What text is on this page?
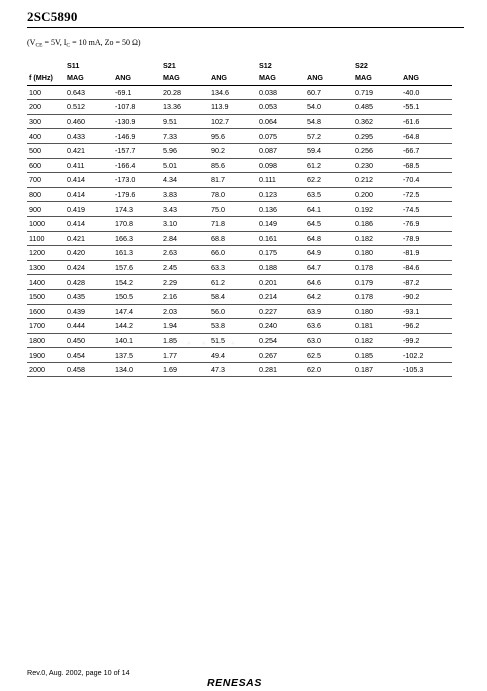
2SC5890
($V_{CE} = 5V$, $I_C = 10$ mA, Zo = 50 Ω)
	S11		S21		S12		S22	
f (MHz)	MAG	ANG	MAG	ANG	MAG	ANG	MAG	ANG
100	0.643	-69.1	20.28	134.6	0.038	60.7	0.719	-40.0
200	0.512	-107.8	13.36	113.9	0.053	54.0	0.485	-55.1
300	0.460	-130.9	9.51	102.7	0.064	54.8	0.362	-61.6
400	0.433	-146.9	7.33	95.6	0.075	57.2	0.295	-64.8
500	0.421	-157.7	5.96	90.2	0.087	59.4	0.256	-66.7
600	0.411	-166.4	5.01	85.6	0.098	61.2	0.230	-68.5
700	0.414	-173.0	4.34	81.7	0.111	62.2	0.212	-70.4
800	0.414	-179.6	3.83	78.0	0.123	63.5	0.200	-72.5
900	0.419	174.3	3.43	75.0	0.136	64.1	0.192	-74.5
1000	0.414	170.8	3.10	71.8	0.149	64.5	0.186	-76.9
1100	0.421	166.3	2.84	68.8	0.161	64.8	0.182	-78.9
1200	0.420	161.3	2.63	66.0	0.175	64.9	0.180	-81.9
1300	0.424	157.6	2.45	63.3	0.188	64.7	0.178	-84.6
1400	0.428	154.2	2.29	61.2	0.201	64.6	0.179	-87.2
1500	0.435	150.5	2.16	58.4	0.214	64.2	0.178	-90.2
1600	0.439	147.4	2.03	56.0	0.227	63.9	0.180	-93.1
1700	0.444	144.2	1.94	53.8	0.240	63.6	0.181	-96.2
1800	0.450	140.1	1.85	51.5	0.254	63.0	0.182	-99.2
1900	0.454	137.5	1.77	49.4	0.267	62.5	0.185	-102.2
2000	0.458	134.0	1.69	47.3	0.281	62.0	0.187	-105.3
Rev.0, Aug. 2002, page 10 of 14
RENESAS
